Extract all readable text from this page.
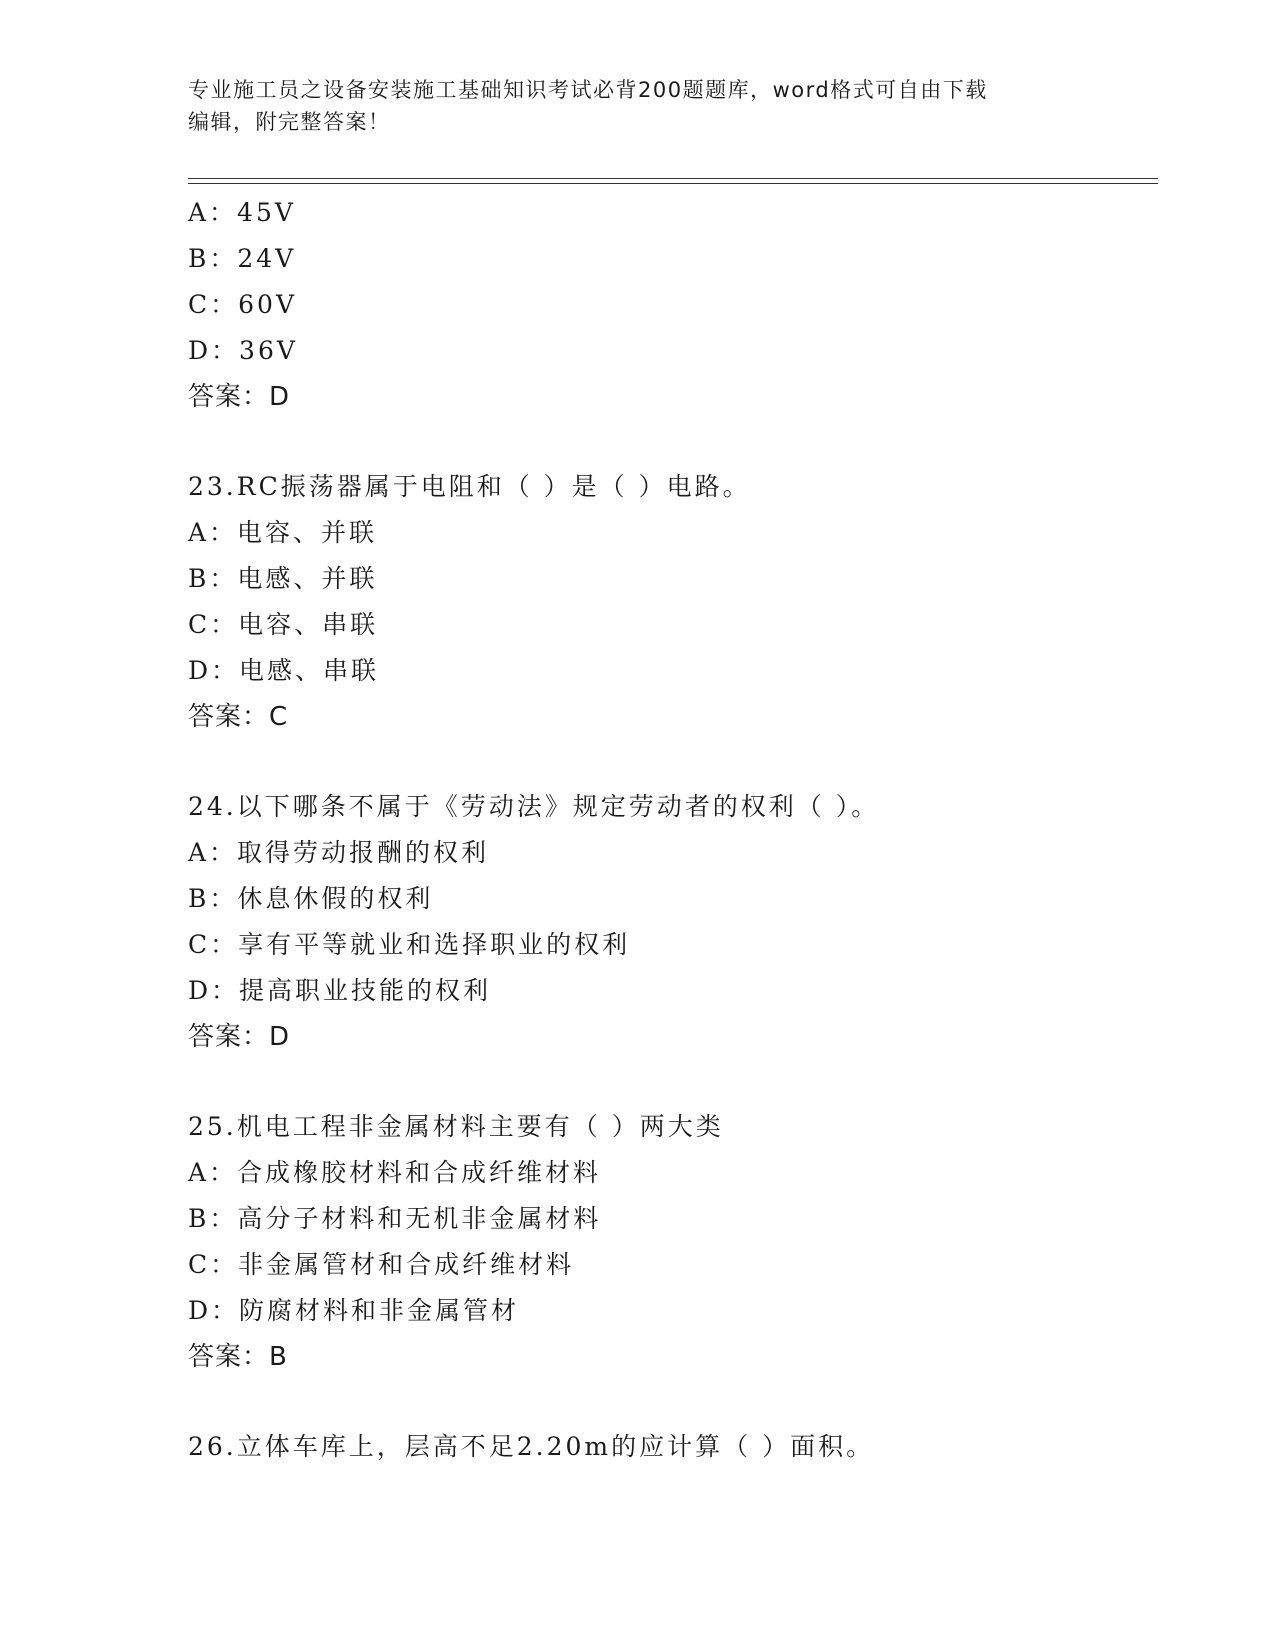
专业施工员之设备安装施工基础知识考试必背200题题库，word格式可自由下载
编辑，附完整答案！
A：45V
B：24V
C：60V
D：36V
答案：D
23.RC振荡器属于电阻和（ ）是（ ）电路。
A：电容、并联
B：电感、并联
C：电容、串联
D：电感、串联
答案：C
24.以下哪条不属于《劳动法》规定劳动者的权利（ ）。
A：取得劳动报酬的权利
B：休息休假的权利
C：享有平等就业和选择职业的权利
D：提高职业技能的权利
答案：D
25.机电工程非金属材料主要有（ ）两大类
A：合成橡胶材料和合成纤维材料
B：高分子材料和无机非金属材料
C：非金属管材和合成纤维材料
D：防腐材料和非金属管材
答案：B
26.立体车库上，层高不足2.20m的应计算（ ）面积。
